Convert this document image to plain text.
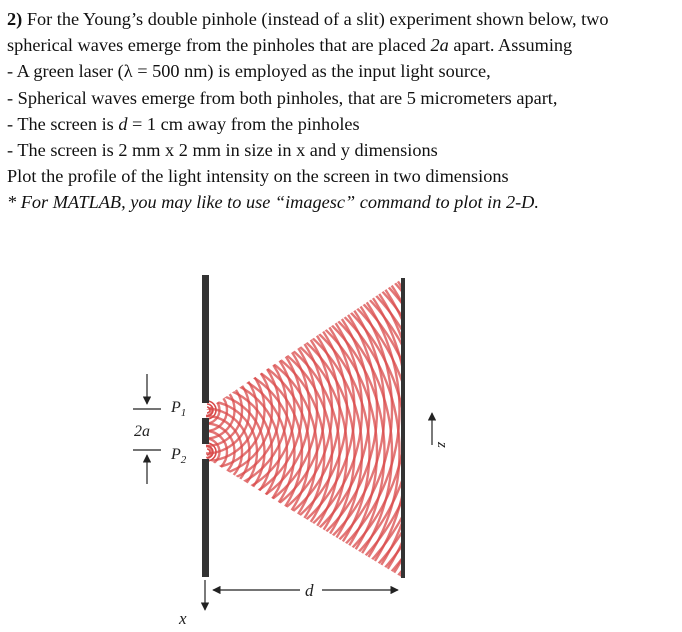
2) For the Young’s double pinhole (instead of a slit) experiment shown below, two
spherical waves emerge from the pinholes that are placed 2a apart. Assuming
- A green laser (λ = 500 nm) is employed as the input light source,
- Spherical waves emerge from both pinholes, that are 5 micrometers apart,
- The screen is d = 1 cm away from the pinholes
- The screen is 2 mm x 2 mm in size in x and y dimensions
Plot the profile of the light intensity on the screen in two dimensions
* For MATLAB, you may like to use “imagesc” command to plot in 2-D.
2a
$P_1$
$P_2$
d
x
z
